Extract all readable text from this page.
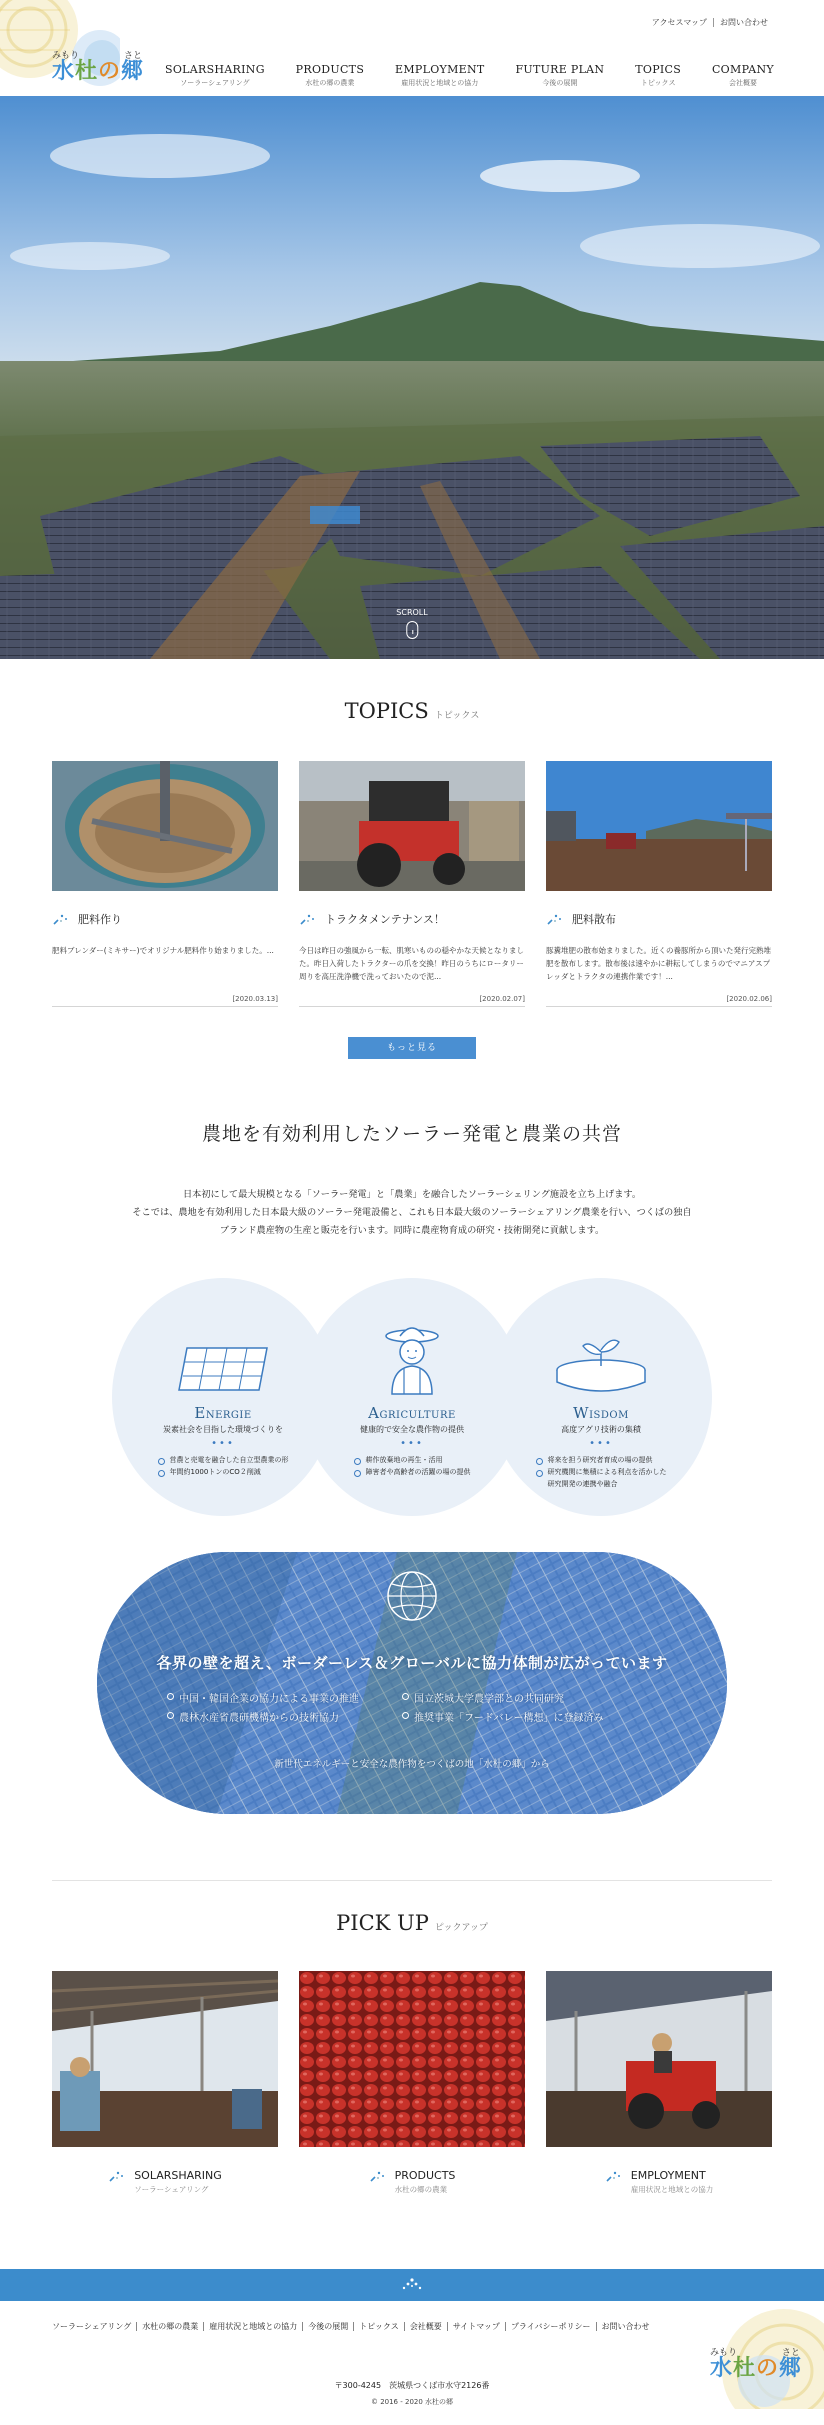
みもり	さと
水杜の郷
アクセスマップ	お問い合わせ
SOLARSHARING
ソーラーシェアリング
PRODUCTS
水杜の郷の農業
EMPLOYMENT
雇用状況と地域との協力
FUTURE PLAN
今後の展開
TOPICS
トピックス
COMPANY
会社概要
SCROLL
TOPICS トピックス
肥料作り

肥料ブレンダー(ミキサー)でオリジナル肥料作り始まりました。...

[2020.03.13]
トラクタメンテナンス！

今日は昨日の強風から一転、肌寒いものの穏やかな天候となりました。昨日入荷したトラクターの爪を交換！昨日のうちにロータリー周りを高圧洗浄機で洗っておいたので泥...

[2020.02.07]
肥料散布

豚糞堆肥の散布始まりました。近くの養豚所から頂いた発行完熟堆肥を散布します。散布後は速やかに耕耘してしまうのでマニアスプレッダとトラクタの連携作業です！...

[2020.02.06]
もっと見る
農地を有効利用したソーラー発電と農業の共営

日本初にして最大規模となる「ソーラー発電」と「農業」を融合したソーラーシェリング施設を立ち上げます。
そこでは、農地を有効利用した日本最大級のソーラー発電設備と、これも日本最大級のソーラーシェアリング農業を行い、つくばの独自
ブランド農産物の生産と販売を行います。同時に農産物育成の研究・技術開発に貢献します。

ENERGIE
炭素社会を目指した環境づくりを
•••
営農と売電を融合した自立型農業の形
年間約1000トンのCO２削減
AGRICULTURE
健康的で安全な農作物の提供
•••
耕作放棄地の再生・活用
障害者や高齢者の活躍の場の提供
WISDOM
高度アグリ技術の集積
•••
将来を担う研究者育成の場の提供
研究機関に集積による利点を活かした
研究開発の連携や融合
各界の壁を超え、ボーダーレス＆グローバルに協力体制が広がっています
中国・韓国企業の協力による事業の推進	国立茨城大学農学部との共同研究
農林水産省農研機構からの技術協力	推奨事業「フードバレー構想」に登録済み
新世代エネルギーと安全な農作物をつくばの地「水杜の郷」から
PICK UP ピックアップ
SOLARSHARING
ソーラーシェアリング
PRODUCTS
水杜の郷の農業
EMPLOYMENT
雇用状況と地域との協力
みもり	さと
水杜の郷
ソーラーシェアリング	水杜の郷の農業	雇用状況と地域との協力	今後の展開	トピックス	会社概要	サイトマップ	プライバシーポリシー	お問い合わせ
〒300-4245　茨城県つくば市水守2126番
© 2016 - 2020 水杜の郷
